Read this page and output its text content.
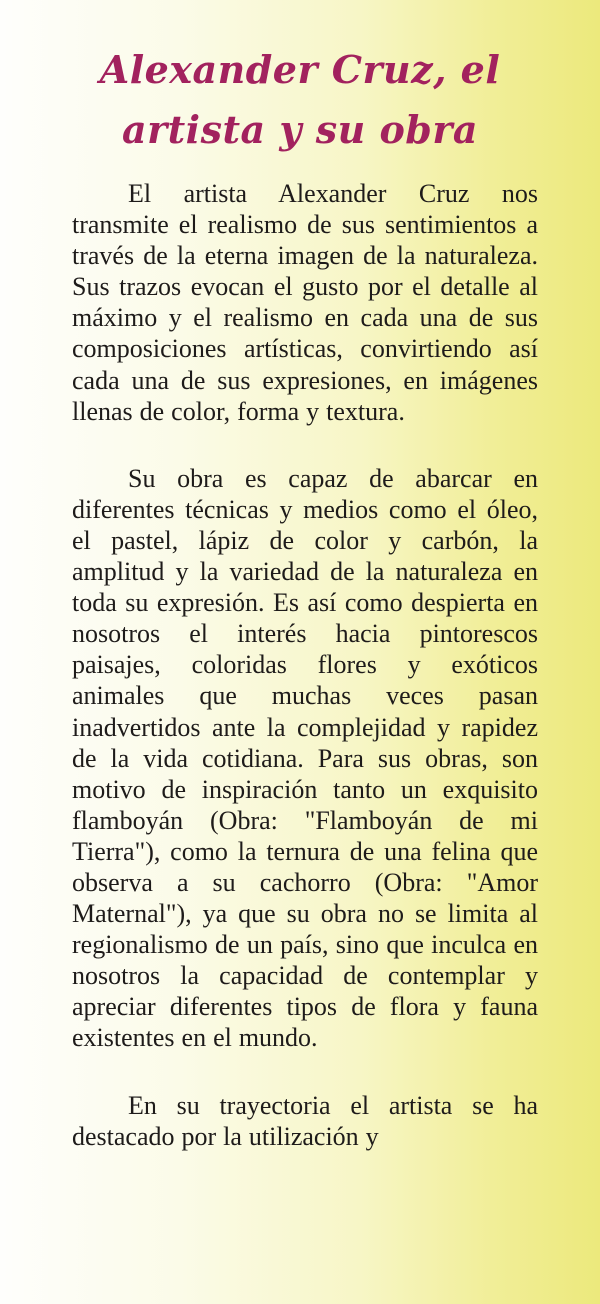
Alexander Cruz, el
artista y su obra

El artista Alexander Cruz nos transmite el realismo de sus sentimientos a través de la eterna imagen de la naturaleza. Sus trazos evocan el gusto por el detalle al máximo y el realismo en cada una de sus composiciones artísticas, convirtiendo así cada una de sus expresiones, en imágenes llenas de color, forma y textura.

Su obra es capaz de abarcar en diferentes técnicas y medios como el óleo, el pastel, lápiz de color y carbón, la amplitud y la variedad de la naturaleza en toda su expresión. Es así como despierta en nosotros el interés hacia pintorescos paisajes, coloridas flores y exóticos animales que muchas veces pasan inadvertidos ante la complejidad y rapidez de la vida cotidiana. Para sus obras, son motivo de inspiración tanto un exquisito flamboyán (Obra: "Flamboyán de mi Tierra"), como la ternura de una felina que observa a su cachorro (Obra: "Amor Maternal"), ya que su obra no se limita al regionalismo de un país, sino que inculca en nosotros la capacidad de contemplar y apreciar diferentes tipos de flora y fauna existentes en el mundo.

En su trayectoria el artista se ha destacado por la utilización y
